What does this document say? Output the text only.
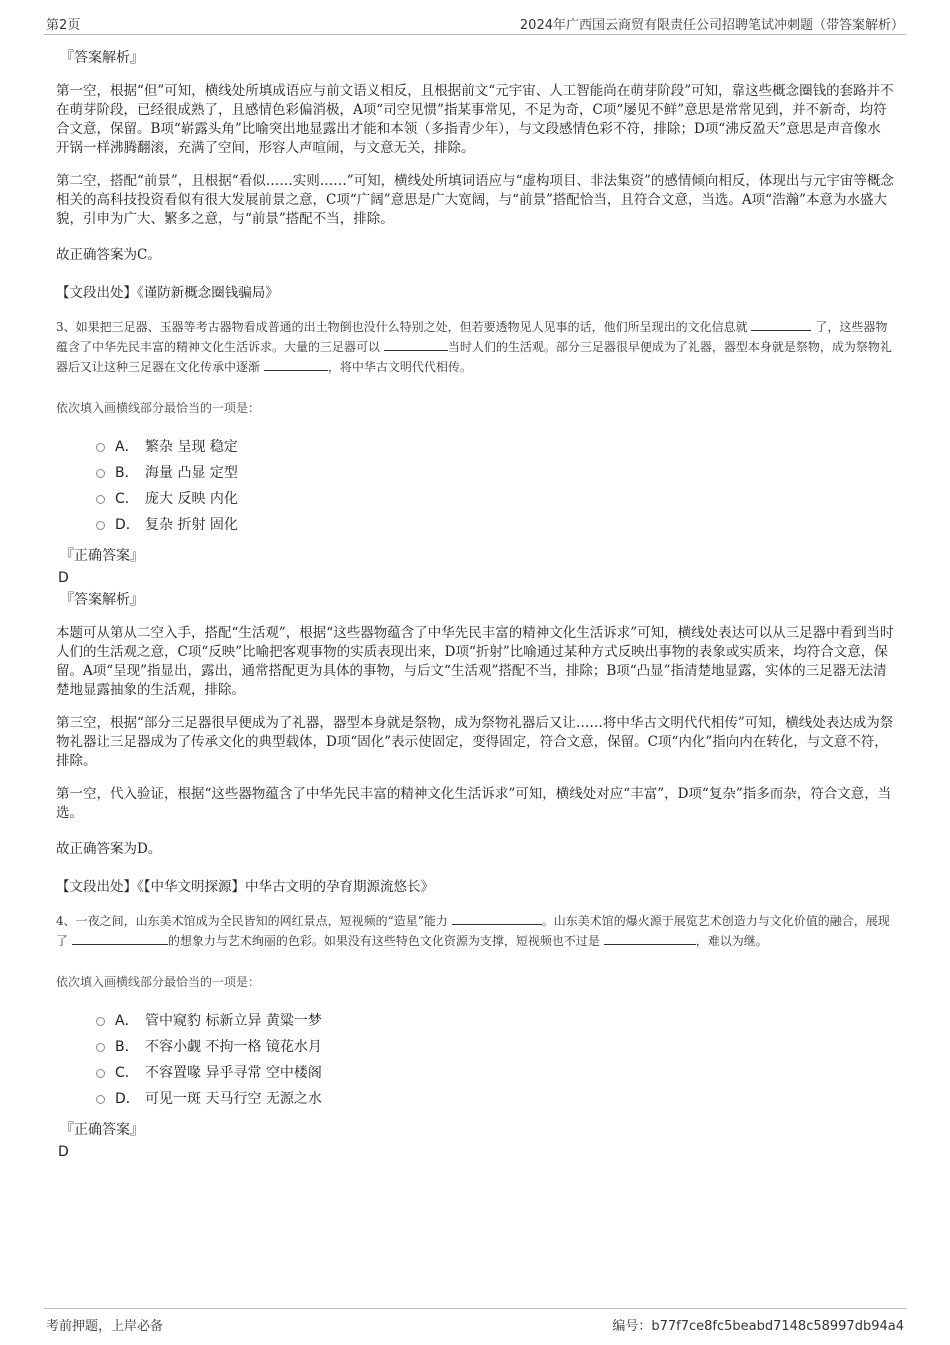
第2页	2024年广西国云商贸有限责任公司招聘笔试冲刺题（带答案解析）
『答案解析』

第一空，根据“但”可知，横线处所填成语应与前文语义相反，且根据前文“元宇宙、人工智能尚在萌芽阶段”可知，靠这些概念圈钱的套路并不在萌芽阶段，已经很成熟了，且感情色彩偏消极，A项“司空见惯”指某事常见，不足为奇，C项“屡见不鲜”意思是常常见到，并不新奇，均符合文意，保留。B项“崭露头角”比喻突出地显露出才能和本领（多指青少年），与文段感情色彩不符，排除；D项“沸反盈天”意思是声音像水开锅一样沸腾翻滚，充满了空间，形容人声喧闹，与文意无关，排除。

第二空，搭配“前景”，且根据“看似……实则……”可知，横线处所填词语应与“虚构项目、非法集资”的感情倾向相反，体现出与元宇宙等概念相关的高科技投资看似有很大发展前景之意，C项“广阔”意思是广大宽阔，与“前景”搭配恰当，且符合文意，当选。A项“浩瀚”本意为水盛大貌，引申为广大、繁多之意，与“前景”搭配不当，排除。

故正确答案为C。

【文段出处】《谨防新概念圈钱骗局》

3、如果把三足器、玉器等考古器物看成普通的出土物倒也没什么特别之处，但若要透物见人见事的话，他们所呈现出的文化信息就	了，这些器物蕴含了中华先民丰富的精神文化生活诉求。大量的三足器可以	当时人们的生活观。部分三足器很早便成为了礼器，器型本身就是祭物，成为祭物礼器后又让这种三足器在文化传承中逐渐	，将中华古文明代代相传。
依次填入画横线部分最恰当的一项是：
A． 繁杂 呈现 稳定
B． 海量 凸显 定型
C． 庞大 反映 内化
D． 复杂 折射 固化
『正确答案』
D
『答案解析』

本题可从第从二空入手，搭配“生活观”，根据“这些器物蕴含了中华先民丰富的精神文化生活诉求”可知，横线处表达可以从三足器中看到当时人们的生活观之意，C项“反映”比喻把客观事物的实质表现出来，D项“折射”比喻通过某种方式反映出事物的表象或实质来，均符合文意，保留。A项“呈现”指显出，露出，通常搭配更为具体的事物，与后文“生活观”搭配不当，排除；B项“凸显”指清楚地显露，实体的三足器无法清楚地显露抽象的生活观，排除。

第三空，根据“部分三足器很早便成为了礼器，器型本身就是祭物，成为祭物礼器后又让……将中华古文明代代相传”可知，横线处表达成为祭物礼器让三足器成为了传承文化的典型载体，D项“固化”表示使固定，变得固定，符合文意，保留。C项“内化”指向内在转化，与文意不符，排除。

第一空，代入验证，根据“这些器物蕴含了中华先民丰富的精神文化生活诉求”可知，横线处对应“丰富”，D项“复杂”指多而杂，符合文意，当选。

故正确答案为D。

【文段出处】《【中华文明探源】中华古文明的孕育期源流悠长》

4、一夜之间，山东美术馆成为全民皆知的网红景点，短视频的“造星”能力	。山东美术馆的爆火源于展览艺术创造力与文化价值的融合，展现了	的想象力与艺术绚丽的色彩。如果没有这些特色文化资源为支撑，短视频也不过是	，难以为继。
依次填入画横线部分最恰当的一项是：
A． 管中窥豹 标新立异 黄粱一梦
B． 不容小觑 不拘一格 镜花水月
C． 不容置喙 异乎寻常 空中楼阁
D． 可见一斑 天马行空 无源之水
『正确答案』
D
考前押题，上岸必备	编号：b77f7ce8fc5beabd7148c58997db94a4
